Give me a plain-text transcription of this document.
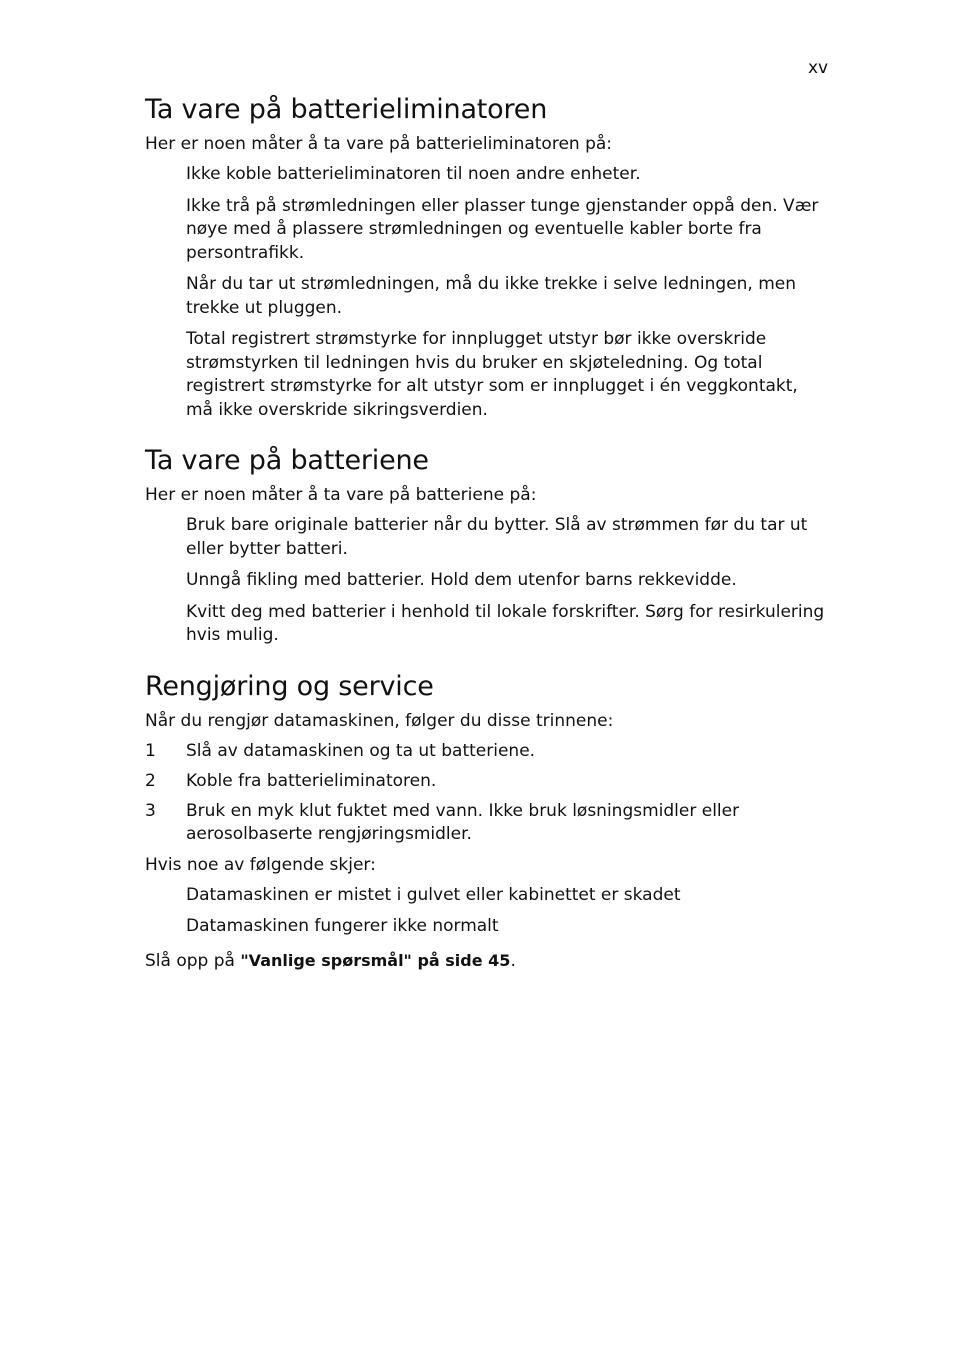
xv
Ta vare på batterieliminatoren

Her er noen måter å ta vare på batterieliminatoren på:

Ikke koble batterieliminatoren til noen andre enheter.

Ikke trå på strømledningen eller plasser tunge gjenstander oppå den. Vær nøye med å plassere strømledningen og eventuelle kabler borte fra persontrafikk.

Når du tar ut strømledningen, må du ikke trekke i selve ledningen, men trekke ut pluggen.

Total registrert strømstyrke for innplugget utstyr bør ikke overskride strømstyrken til ledningen hvis du bruker en skjøteledning. Og total registrert strømstyrke for alt utstyr som er innplugget i én veggkontakt, må ikke overskride sikringsverdien.

Ta vare på batteriene

Her er noen måter å ta vare på batteriene på:

Bruk bare originale batterier når du bytter. Slå av strømmen før du tar ut eller bytter batteri.

Unngå fikling med batterier. Hold dem utenfor barns rekkevidde.

Kvitt deg med batterier i henhold til lokale forskrifter. Sørg for resirkulering hvis mulig.

Rengjøring og service

Når du rengjør datamaskinen, følger du disse trinnene:

1	Slå av datamaskinen og ta ut batteriene.
2	Koble fra batterieliminatoren.
3	Bruk en myk klut fuktet med vann. Ikke bruk løsningsmidler eller aerosolbaserte rengjøringsmidler.

Hvis noe av følgende skjer:

Datamaskinen er mistet i gulvet eller kabinettet er skadet

Datamaskinen fungerer ikke normalt

Slå opp på "Vanlige spørsmål" på side 45.
